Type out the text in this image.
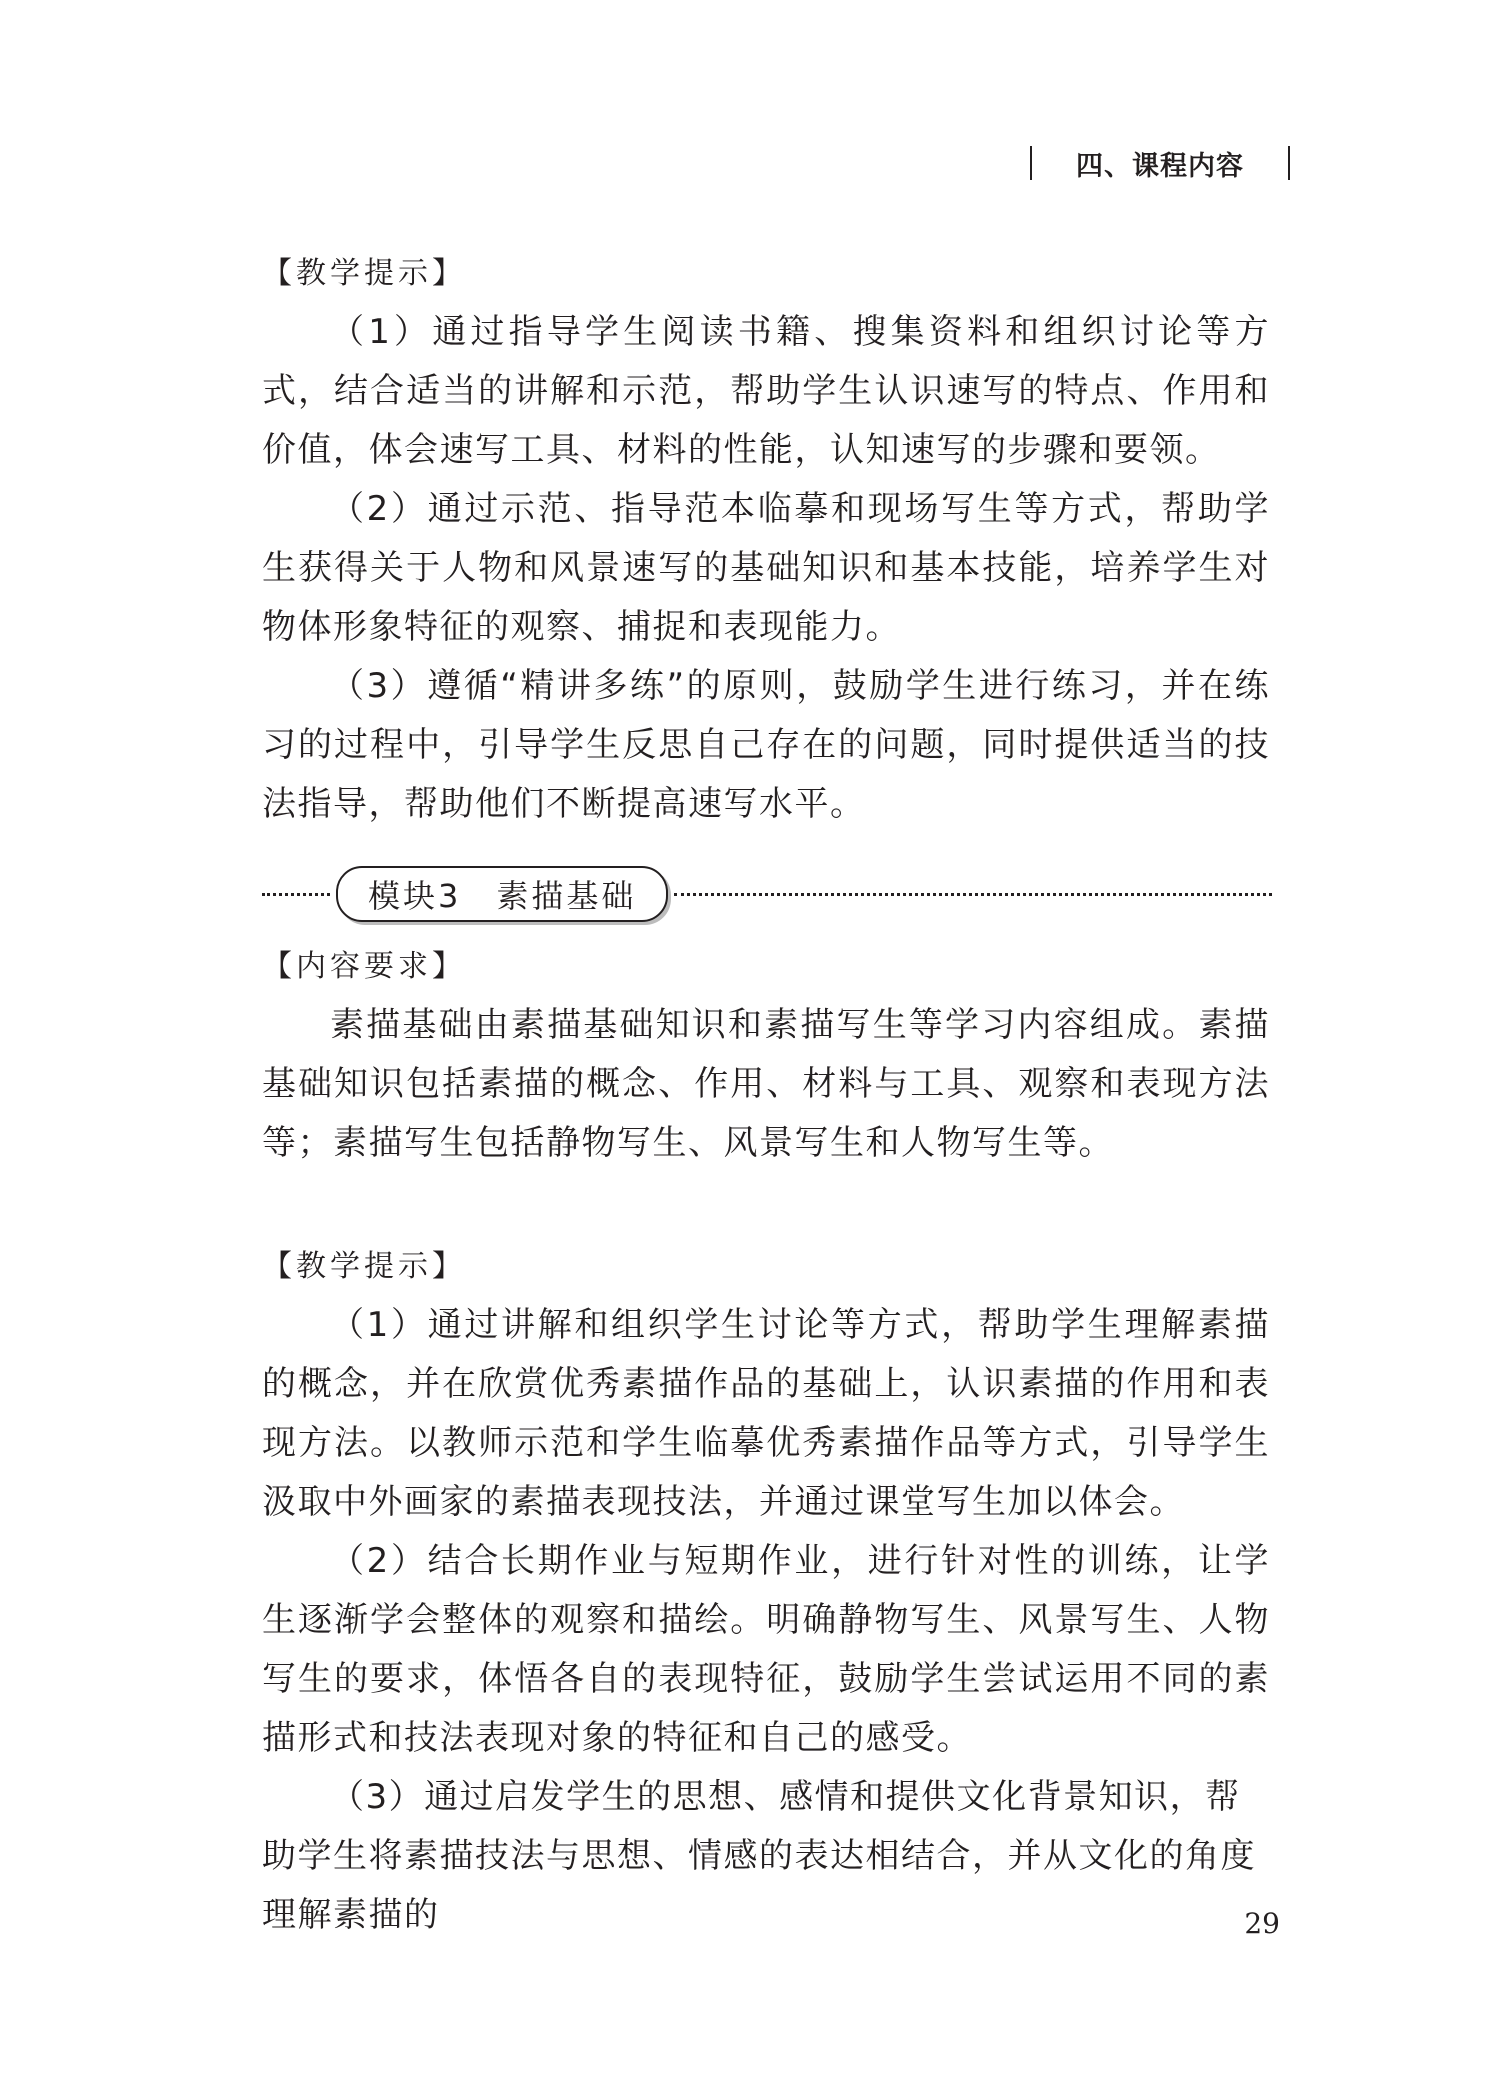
四、课程内容

【教学提示】

（1）通过指导学生阅读书籍、搜集资料和组织讨论等方式，结合适当的讲解和示范，帮助学生认识速写的特点、作用和价值，体会速写工具、材料的性能，认知速写的步骤和要领。

（2）通过示范、指导范本临摹和现场写生等方式，帮助学生获得关于人物和风景速写的基础知识和基本技能，培养学生对物体形象特征的观察、捕捉和表现能力。

（3）遵循“精讲多练”的原则，鼓励学生进行练习，并在练习的过程中，引导学生反思自己存在的问题，同时提供适当的技法指导，帮助他们不断提高速写水平。

模块3　素描基础

【内容要求】

素描基础由素描基础知识和素描写生等学习内容组成。素描基础知识包括素描的概念、作用、材料与工具、观察和表现方法等；素描写生包括静物写生、风景写生和人物写生等。

【教学提示】

（1）通过讲解和组织学生讨论等方式，帮助学生理解素描的概念，并在欣赏优秀素描作品的基础上，认识素描的作用和表现方法。以教师示范和学生临摹优秀素描作品等方式，引导学生汲取中外画家的素描表现技法，并通过课堂写生加以体会。

（2）结合长期作业与短期作业，进行针对性的训练，让学生逐渐学会整体的观察和描绘。明确静物写生、风景写生、人物写生的要求，体悟各自的表现特征，鼓励学生尝试运用不同的素描形式和技法表现对象的特征和自己的感受。

（3）通过启发学生的思想、感情和提供文化背景知识，帮助学生将素描技法与思想、情感的表达相结合，并从文化的角度理解素描的	29
